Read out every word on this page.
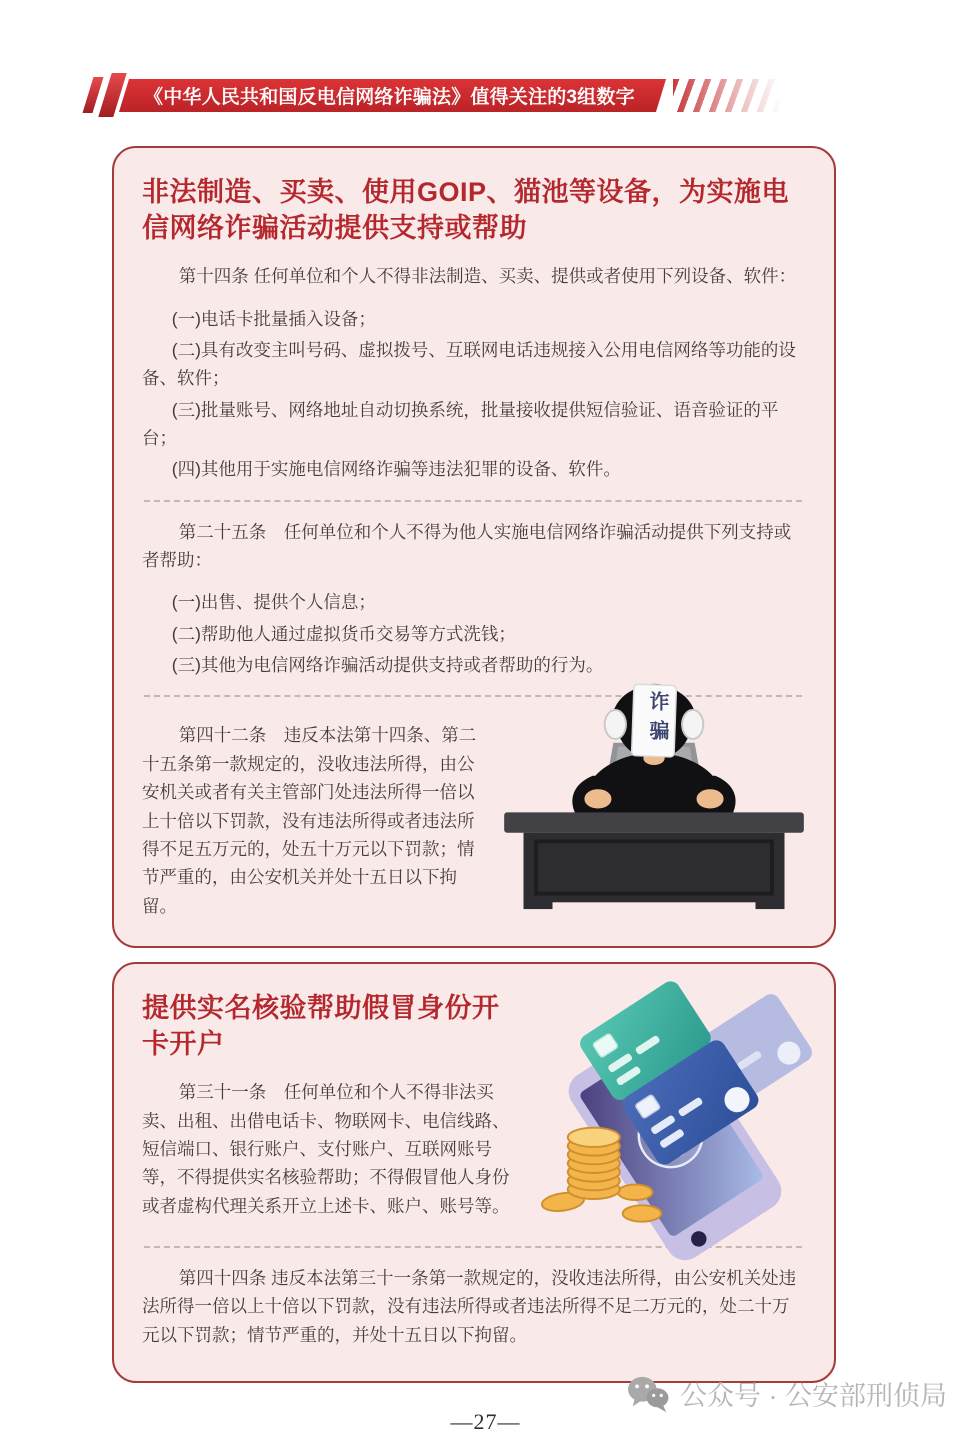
《中华人民共和国反电信网络诈骗法》值得关注的3组数字
非法制造、买卖、使用GOIP、猫池等设备，为实施电信网络诈骗活动提供支持或帮助

第十四条 任何单位和个人不得非法制造、买卖、提供或者使用下列设备、软件：

(一)电话卡批量插入设备；

(二)具有改变主叫号码、虚拟拨号、互联网电话违规接入公用电信网络等功能的设备、软件；

(三)批量账号、网络地址自动切换系统，批量接收提供短信验证、语音验证的平台；

(四)其他用于实施电信网络诈骗等违法犯罪的设备、软件。

第二十五条　任何单位和个人不得为他人实施电信网络诈骗活动提供下列支持或者帮助：

(一)出售、提供个人信息；

(二)帮助他人通过虚拟货币交易等方式洗钱；

(三)其他为电信网络诈骗活动提供支持或者帮助的行为。

第四十二条　违反本法第十四条、第二十五条第一款规定的，没收违法所得，由公安机关或者有关主管部门处违法所得一倍以上十倍以下罚款，没有违法所得或者违法所得不足五万元的，处五十万元以下罚款；情节严重的，由公安机关并处十五日以下拘留。

诈骗
提供实名核验帮助假冒身份开卡开户

第三十一条　任何单位和个人不得非法买卖、出租、出借电话卡、物联网卡、电信线路、短信端口、银行账户、支付账户、互联网账号等，不得提供实名核验帮助；不得假冒他人身份或者虚构代理关系开立上述卡、账户、账号等。

第四十四条 违反本法第三十一条第一款规定的，没收违法所得，由公安机关处违法所得一倍以上十倍以下罚款，没有违法所得或者违法所得不足二万元的，处二十万元以下罚款；情节严重的，并处十五日以下拘留。

—27—
公众号 · 公安部刑侦局
